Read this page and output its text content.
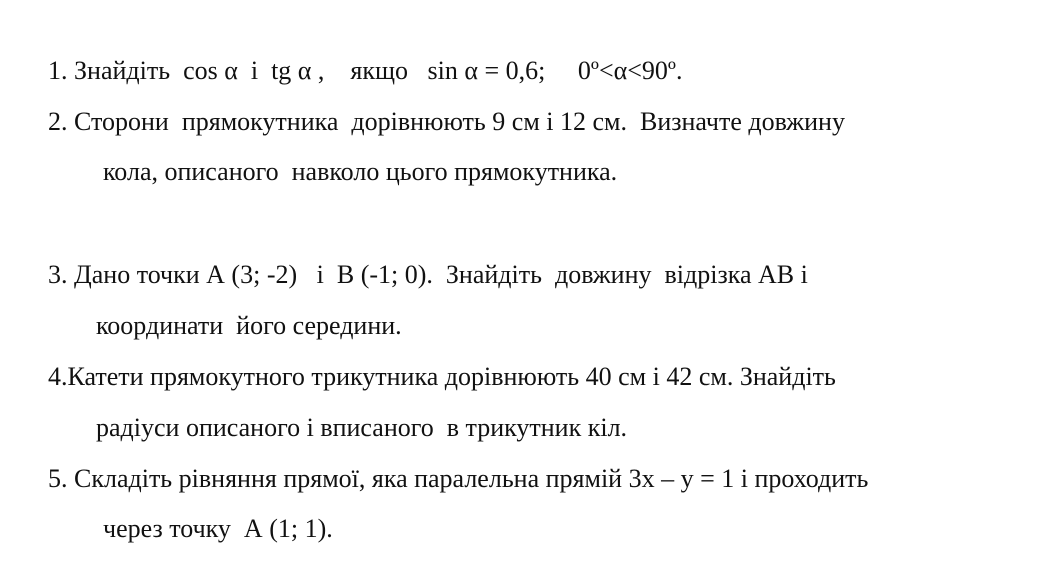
1. Знайдіть  cos α  і  tg α ,    якщо   sin α = 0,6;     0º<α<90º.
2. Сторони  прямокутника  дорівнюють 9 см і 12 см.  Визначте довжину
кола, описаного  навколо цього прямокутника.
3. Дано точки А (3; -2)   і  В (-1; 0).  Знайдіть  довжину  відрізка АВ і
координати  його середини.
4.Катети прямокутного трикутника дорівнюють 40 см і 42 см. Знайдіть
радіуси описаного і вписаного  в трикутник кіл.
5. Складіть рівняння прямої, яка паралельна прямій 3х – у = 1 і проходить
через точку  А (1; 1).
